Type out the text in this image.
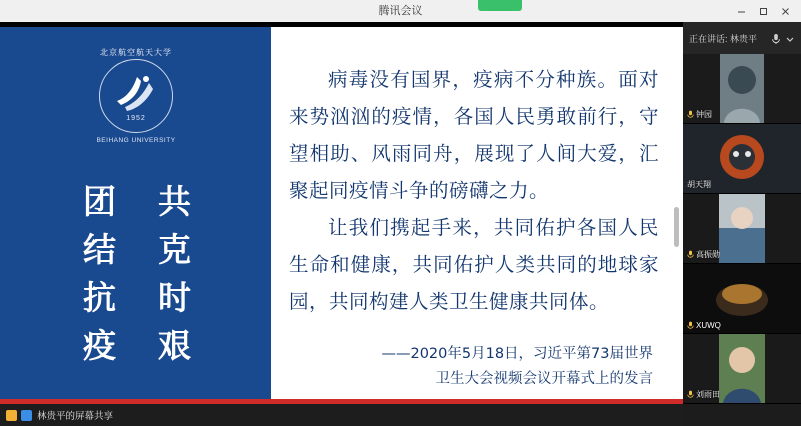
腾讯会议
北京航空航天大学
1952
BEIHANG UNIVERSITY
团 共
结 克
抗 时
疫 艰

病毒没有国界，疫病不分种族。面对来势汹汹的疫情，各国人民勇敢前行，守望相助、风雨同舟，展现了人间大爱，汇聚起同疫情斗争的磅礴之力。

让我们携起手来，共同佑护各国人民生命和健康，共同佑护人类共同的地球家园，共同构建人类卫生健康共同体。

——2020年5月18日，习近平第73届世界
卫生大会视频会议开幕式上的发言
林贵平的屏幕共享
正在讲话: 林贵平
钟园
胡天翔
高振勋
XUWQ
刘雨田
